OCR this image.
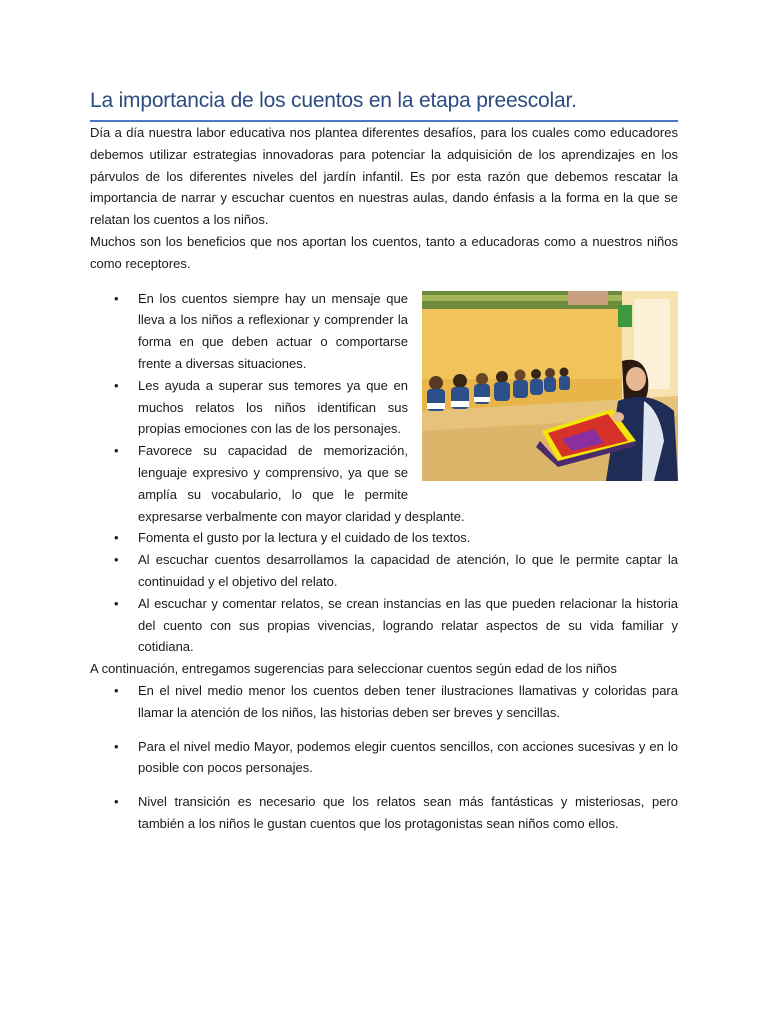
La importancia de los cuentos en la etapa preescolar.

Día a día nuestra labor educativa nos plantea diferentes desafíos, para los cuales como educadores debemos utilizar estrategias innovadoras para potenciar la adquisición de los aprendizajes en los párvulos de los diferentes niveles del jardín infantil. Es por esta razón que debemos rescatar la importancia de narrar y escuchar cuentos en nuestras aulas, dando énfasis a la forma en la que se relatan los cuentos a los niños.

Muchos son los beneficios que nos aportan los cuentos, tanto a educadoras como a nuestros niños como receptores.

• En los cuentos siempre hay un mensaje que lleva a los niños a reflexionar y comprender la forma en que deben actuar o comportarse frente a diversas situaciones.
• Les ayuda a superar sus temores ya que en muchos relatos los niños identifican sus propias emociones con las de los personajes.
• Favorece su capacidad de memorización, lenguaje expresivo y comprensivo, ya que se amplía su vocabulario, lo que le permite expresarse verbalmente con mayor claridad y desplante.
• Fomenta el gusto por la lectura y el cuidado de los textos.
• Al escuchar cuentos desarrollamos la capacidad de atención, lo que le permite captar la continuidad y el objetivo del relato.
• Al escuchar y comentar relatos, se crean instancias en las que pueden relacionar la historia del cuento con sus propias vivencias, logrando relatar aspectos de su vida familiar y cotidiana.

A continuación, entregamos sugerencias para seleccionar cuentos según edad de los niños

• En el nivel medio menor los cuentos deben tener ilustraciones llamativas y coloridas para llamar la atención de los niños, las historias deben ser breves y sencillas.
• Para el nivel medio Mayor, podemos elegir cuentos sencillos, con acciones sucesivas y en lo posible con pocos personajes.
• Nivel transición es necesario que los relatos sean más fantásticas y misteriosas, pero también a los niños le gustan cuentos que los protagonistas sean niños como ellos.
